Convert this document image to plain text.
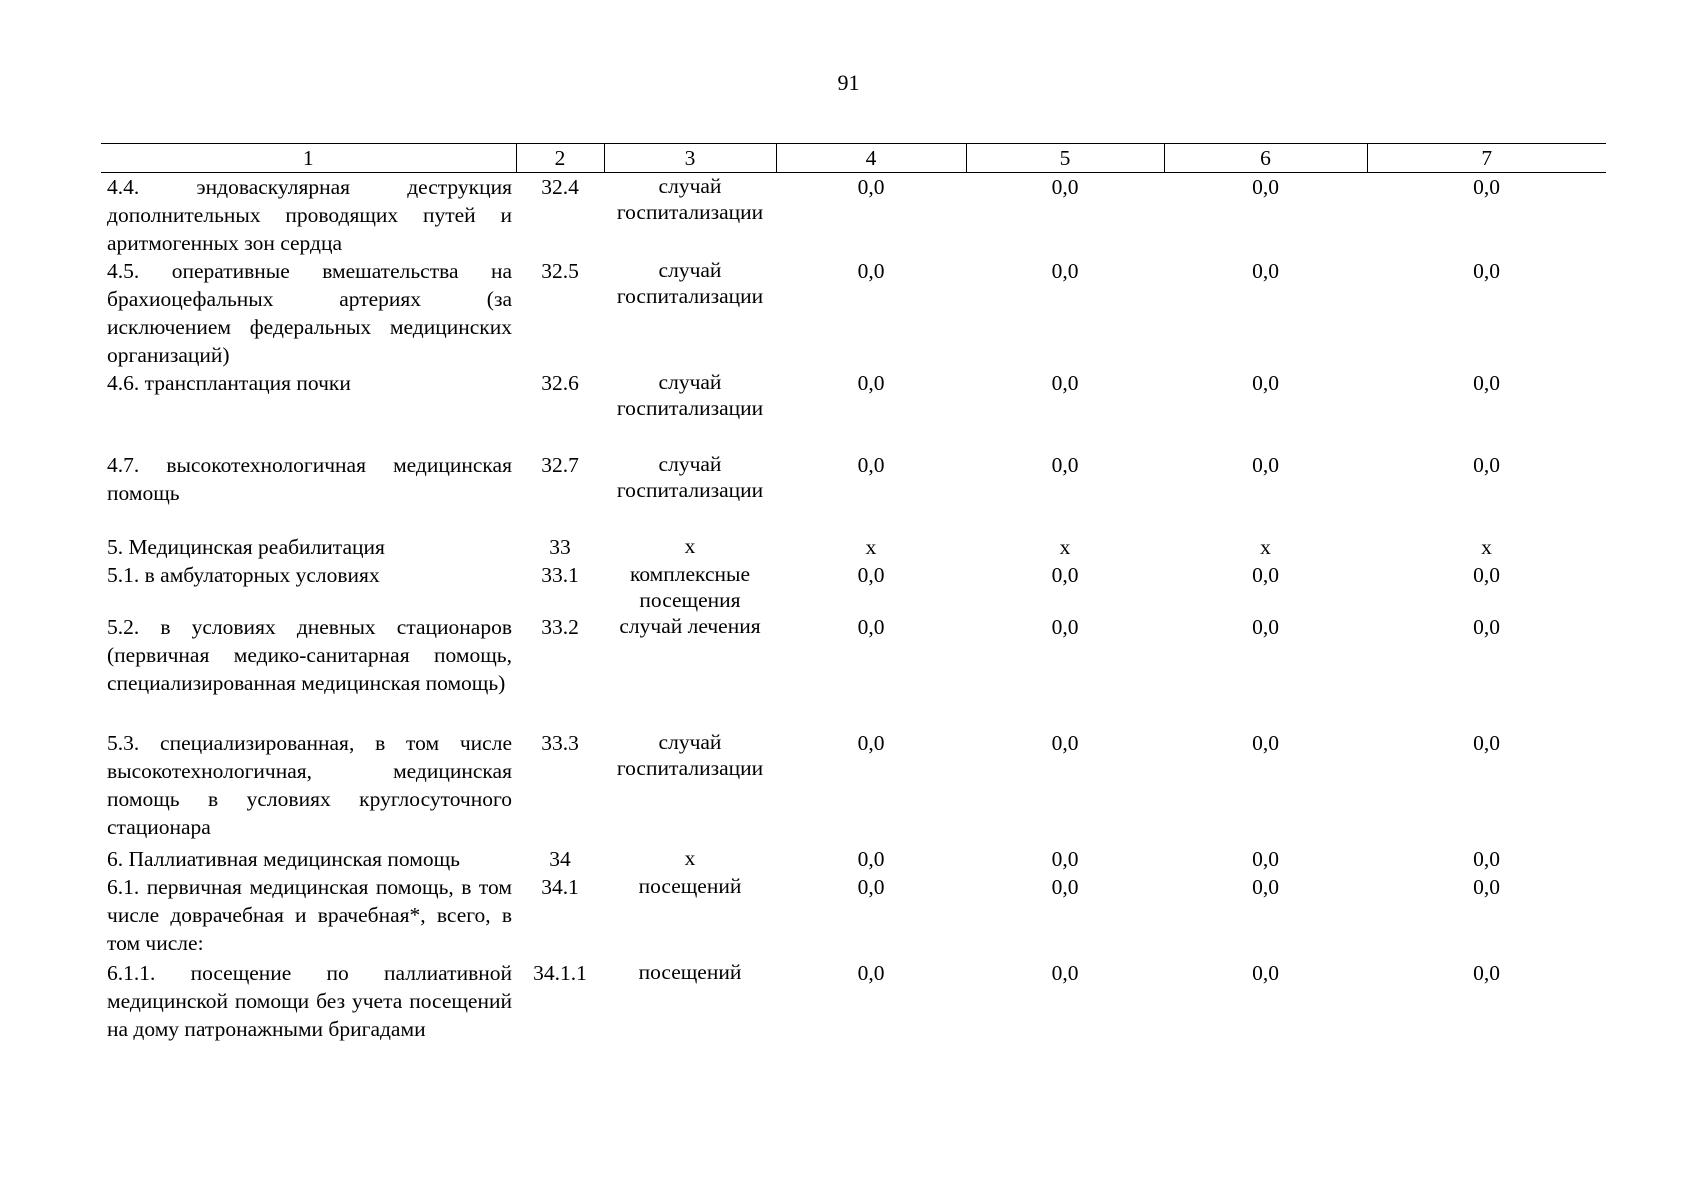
91
1	2	3	4	5	6	7
4.4. эндоваскулярная деструкция дополнительных проводящих путей и аритмогенных зон сердца	32.4	случай госпитализации	0,0	0,0	0,0	0,0
4.5. оперативные вмешательства на брахиоцефальных артериях (за исключением федеральных медицинских организаций)	32.5	случай госпитализации	0,0	0,0	0,0	0,0
4.6. трансплантация почки	32.6	случай госпитализации	0,0	0,0	0,0	0,0
4.7. высокотехнологичная медицинская помощь	32.7	случай госпитализации	0,0	0,0	0,0	0,0
5. Медицинская реабилитация	33	х	х	х	х	х
5.1. в амбулаторных условиях	33.1	комплексные посещения	0,0	0,0	0,0	0,0
5.2. в условиях дневных стационаров (первичная медико-санитарная помощь, специализированная медицинская помощь)	33.2	случай лечения	0,0	0,0	0,0	0,0
5.3. специализированная, в том числе высокотехнологичная, медицинская помощь в условиях круглосуточного стационара	33.3	случай госпитализации	0,0	0,0	0,0	0,0
6. Паллиативная медицинская помощь	34	х	0,0	0,0	0,0	0,0
6.1. первичная медицинская помощь, в том числе доврачебная и врачебная*, всего, в том числе:	34.1	посещений	0,0	0,0	0,0	0,0
6.1.1. посещение по паллиативной медицинской помощи без учета посещений на дому патронажными бригадами	34.1.1	посещений	0,0	0,0	0,0	0,0
